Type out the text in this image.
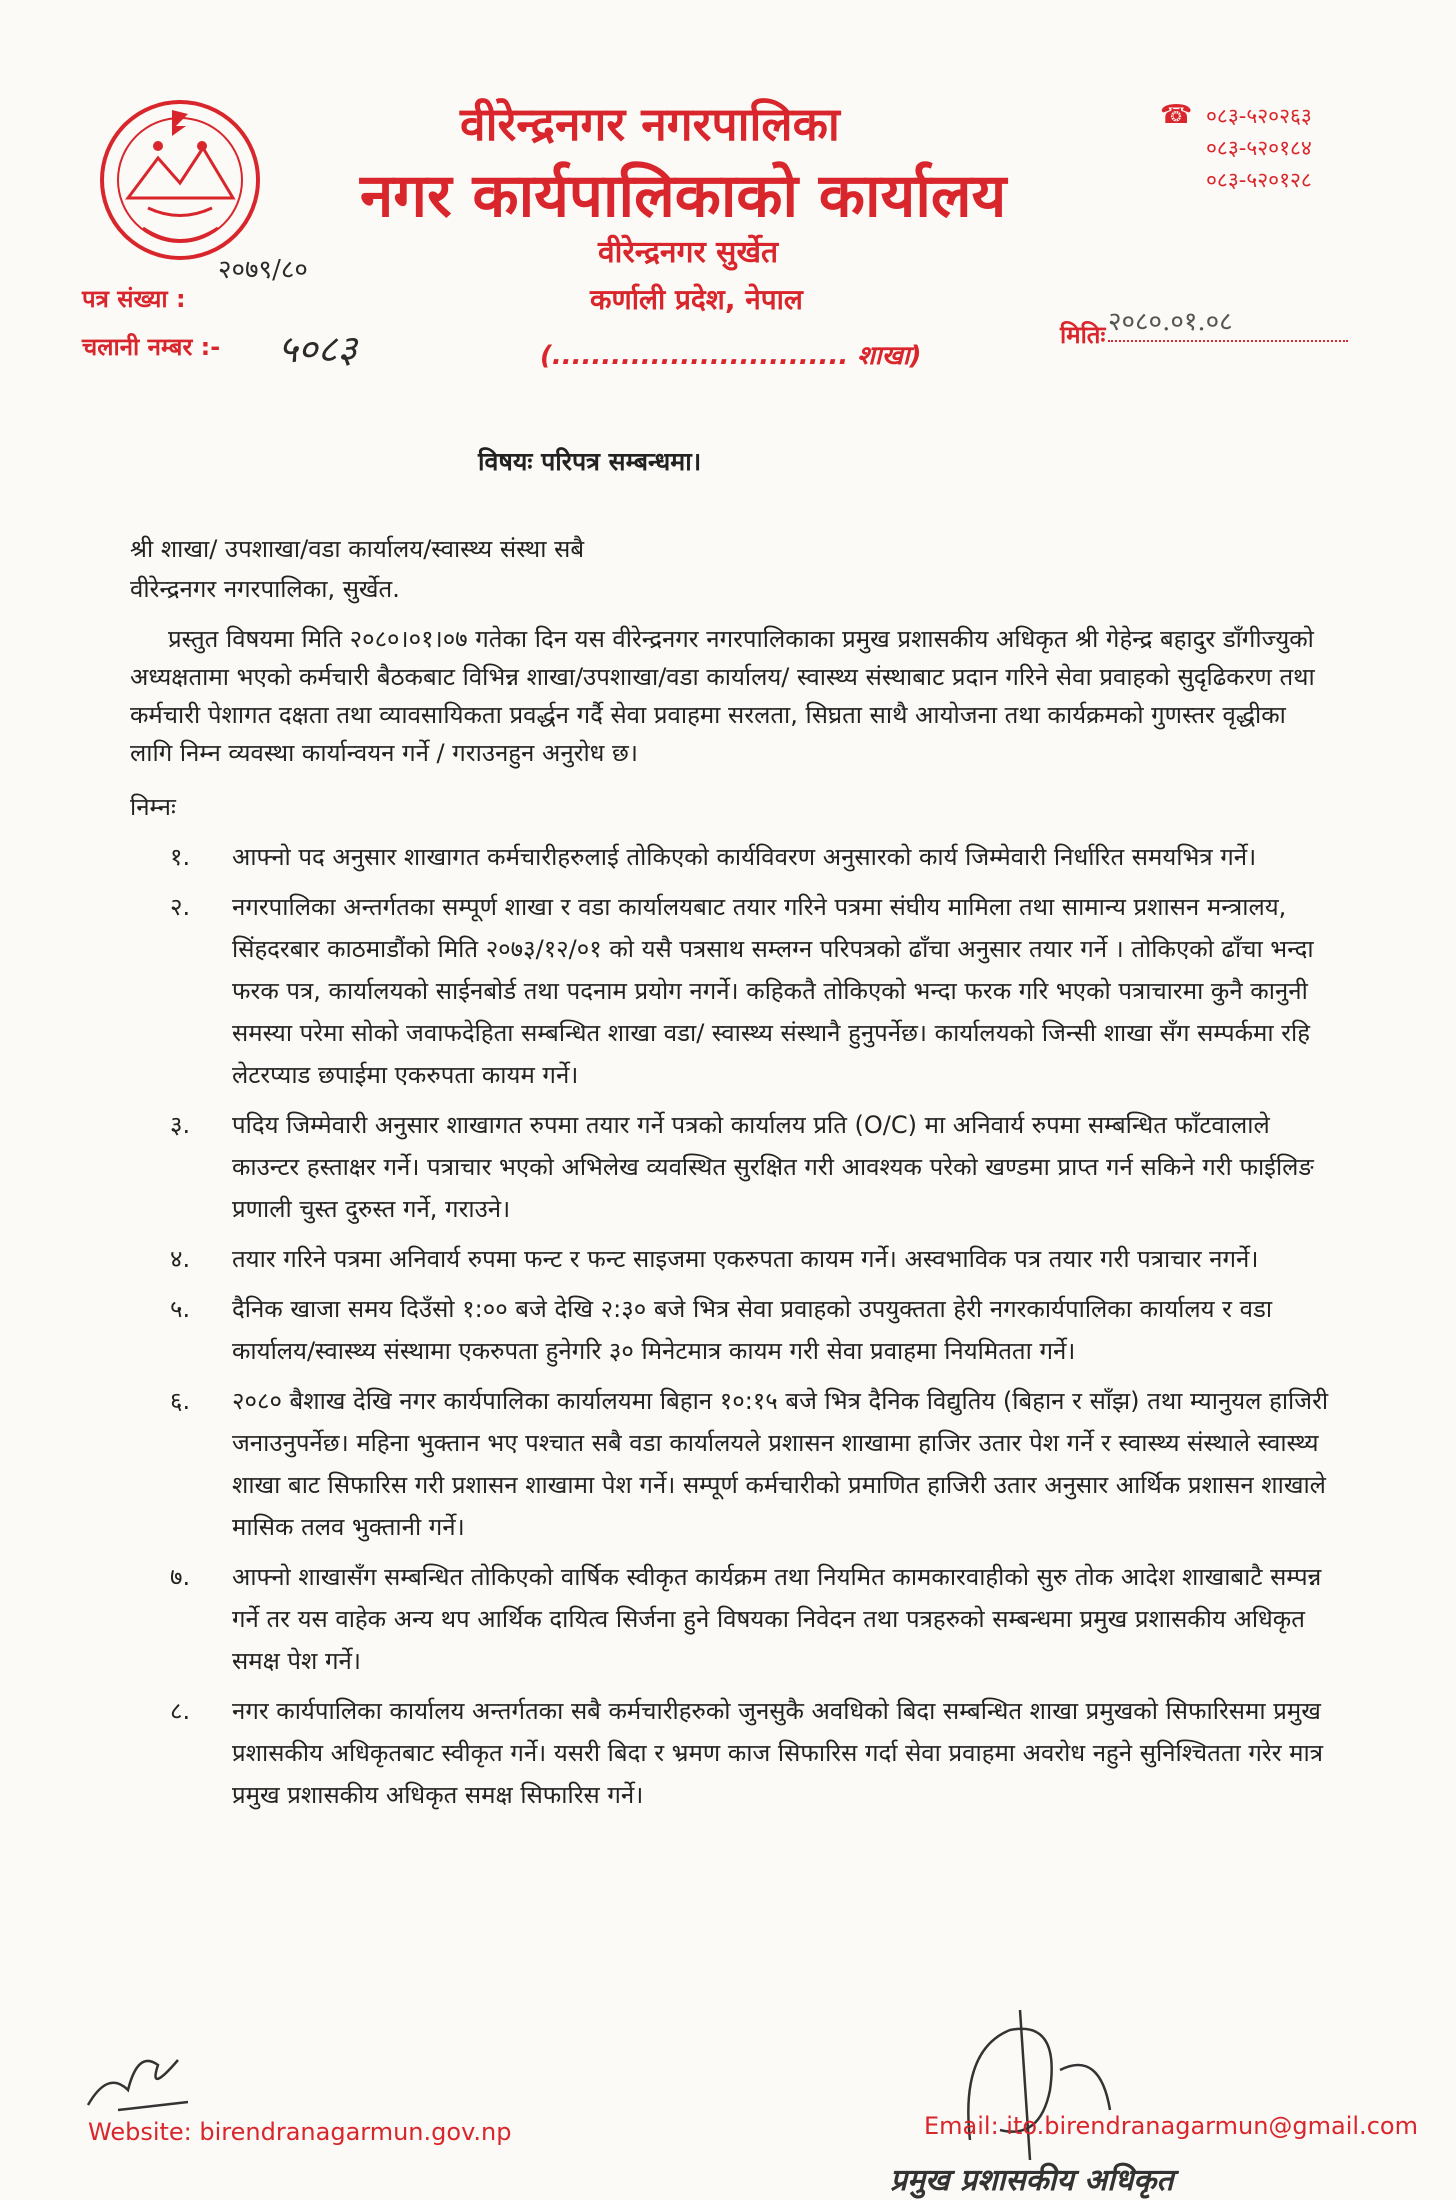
वीरेन्द्रनगर नगरपालिका
नगर कार्यपालिकाको कार्यालय
वीरेन्द्रनगर सुर्खेत
कर्णाली प्रदेश, नेपाल
(.............................. शाखा)
☎ ०८३-५२०२६३
०८३-५२०१८४
०८३-५२०१२८
२०७९/८०
पत्र संख्या :
चलानी नम्बर :- ५०८३	मितिः २०८०.०१.०८
विषयः परिपत्र सम्बन्धमा।
श्री शाखा/ उपशाखा/वडा कार्यालय/स्वास्थ्य संस्था सबै
वीरेन्द्रनगर नगरपालिका, सुर्खेत.
प्रस्तुत विषयमा मिति २०८०।०१।०७ गतेका दिन यस वीरेन्द्रनगर नगरपालिकाका प्रमुख प्रशासकीय अधिकृत श्री गेहेन्द्र बहादुर डाँगीज्युको अध्यक्षतामा भएको कर्मचारी बैठकबाट विभिन्न शाखा/उपशाखा/वडा कार्यालय/ स्वास्थ्य संस्थाबाट प्रदान गरिने सेवा प्रवाहको सुदृढिकरण तथा कर्मचारी पेशागत दक्षता तथा व्यावसायिकता प्रवर्द्धन गर्दै सेवा प्रवाहमा सरलता, सिघ्रता साथै आयोजना तथा कार्यक्रमको गुणस्तर वृद्धीका लागि निम्न व्यवस्था कार्यान्वयन गर्ने / गराउनहुन अनुरोध छ।
निम्नः
१.	आफ्नो पद अनुसार शाखागत कर्मचारीहरुलाई तोकिएको कार्यविवरण अनुसारको कार्य जिम्मेवारी निर्धारित समयभित्र गर्ने।
२.	नगरपालिका अन्तर्गतका सम्पूर्ण शाखा र वडा कार्यालयबाट तयार गरिने पत्रमा संघीय मामिला तथा सामान्य प्रशासन मन्त्रालय, सिंहदरबार काठमाडौंको मिति २०७३/१२/०१ को यसै पत्रसाथ सम्लग्न परिपत्रको ढाँचा अनुसार तयार गर्ने । तोकिएको ढाँचा भन्दा फरक पत्र, कार्यालयको साईनबोर्ड तथा पदनाम प्रयोग नगर्ने। कहिकतै तोकिएको भन्दा फरक गरि भएको पत्राचारमा कुनै कानुनी समस्या परेमा सोको जवाफदेहिता सम्बन्धित शाखा वडा/ स्वास्थ्य संस्थानै हुनुपर्नेछ। कार्यालयको जिन्सी शाखा सँग सम्पर्कमा रहि लेटरप्याड छपाईमा एकरुपता कायम गर्ने।
३.	पदिय जिम्मेवारी अनुसार शाखागत रुपमा तयार गर्ने पत्रको कार्यालय प्रति (O/C) मा अनिवार्य रुपमा सम्बन्धित फाँटवालाले काउन्टर हस्ताक्षर गर्ने। पत्राचार भएको अभिलेख व्यवस्थित सुरक्षित गरी आवश्यक परेको खण्डमा प्राप्त गर्न सकिने गरी फाईलिङ प्रणाली चुस्त दुरुस्त गर्ने, गराउने।
४.	तयार गरिने पत्रमा अनिवार्य रुपमा फन्ट र फन्ट साइजमा एकरुपता कायम गर्ने। अस्वभाविक पत्र तयार गरी पत्राचार नगर्ने।
५.	दैनिक खाजा समय दिउँसो १:०० बजे देखि २:३० बजे भित्र सेवा प्रवाहको उपयुक्तता हेरी नगरकार्यपालिका कार्यालय र वडा कार्यालय/स्वास्थ्य संस्थामा एकरुपता हुनेगरि ३० मिनेटमात्र कायम गरी सेवा प्रवाहमा नियमितता गर्ने।
६.	२०८० बैशाख देखि नगर कार्यपालिका कार्यालयमा बिहान १०:१५ बजे भित्र दैनिक विद्युतिय (बिहान र साँझ) तथा म्यानुयल हाजिरी जनाउनुपर्नेछ। महिना भुक्तान भए पश्चात सबै वडा कार्यालयले प्रशासन शाखामा हाजिर उतार पेश गर्ने र स्वास्थ्य संस्थाले स्वास्थ्य शाखा बाट सिफारिस गरी प्रशासन शाखामा पेश गर्ने। सम्पूर्ण कर्मचारीको प्रमाणित हाजिरी उतार अनुसार आर्थिक प्रशासन शाखाले मासिक तलव भुक्तानी गर्ने।
७.	आफ्नो शाखासँग सम्बन्धित तोकिएको वार्षिक स्वीकृत कार्यक्रम तथा नियमित कामकारवाहीको सुरु तोक आदेश शाखाबाटै सम्पन्न गर्ने तर यस वाहेक अन्य थप आर्थिक दायित्व सिर्जना हुने विषयका निवेदन तथा पत्रहरुको सम्बन्धमा प्रमुख प्रशासकीय अधिकृत समक्ष पेश गर्ने।
८.	नगर कार्यपालिका कार्यालय अन्तर्गतका सबै कर्मचारीहरुको जुनसुकै अवधिको बिदा सम्बन्धित शाखा प्रमुखको सिफारिसमा प्रमुख प्रशासकीय अधिकृतबाट स्वीकृत गर्ने। यसरी बिदा र भ्रमण काज सिफारिस गर्दा सेवा प्रवाहमा अवरोध नहुने सुनिश्चितता गरेर मात्र प्रमुख प्रशासकीय अधिकृत समक्ष सिफारिस गर्ने।
Website: birendranagarmun.gov.np	Email: ito.birendranagarmun@gmail.com
प्रमुख प्रशासकीय अधिकृत
